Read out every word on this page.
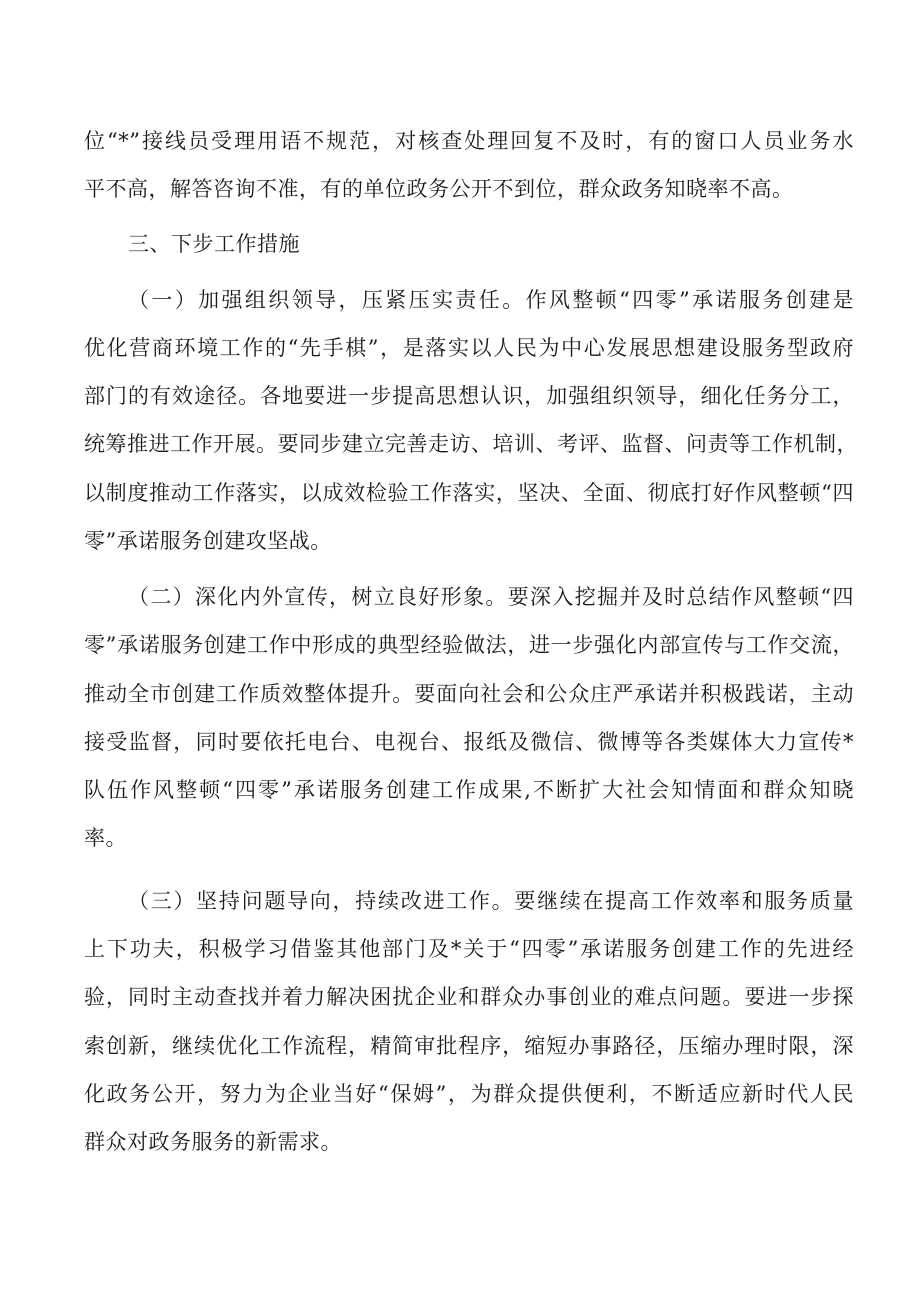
位“*”接线员受理用语不规范，对核查处理回复不及时，有的窗口人员业务水
平不高，解答咨询不准，有的单位政务公开不到位，群众政务知晓率不高。
三、下步工作措施
（一）加强组织领导，压紧压实责任。作风整顿“四零”承诺服务创建是
优化营商环境工作的“先手棋”，是落实以人民为中心发展思想建设服务型政府
部门的有效途径。各地要进一步提高思想认识，加强组织领导，细化任务分工，
统筹推进工作开展。要同步建立完善走访、培训、考评、监督、问责等工作机制，
以制度推动工作落实，以成效检验工作落实，坚决、全面、彻底打好作风整顿“四
零”承诺服务创建攻坚战。
（二）深化内外宣传，树立良好形象。要深入挖掘并及时总结作风整顿“四
零”承诺服务创建工作中形成的典型经验做法，进一步强化内部宣传与工作交流，
推动全市创建工作质效整体提升。要面向社会和公众庄严承诺并积极践诺，主动
接受监督，同时要依托电台、电视台、报纸及微信、微博等各类媒体大力宣传*
队伍作风整顿“四零”承诺服务创建工作成果,不断扩大社会知情面和群众知晓
率。
（三）坚持问题导向，持续改进工作。要继续在提高工作效率和服务质量
上下功夫，积极学习借鉴其他部门及*关于“四零”承诺服务创建工作的先进经
验，同时主动查找并着力解决困扰企业和群众办事创业的难点问题。要进一步探
索创新，继续优化工作流程，精简审批程序，缩短办事路径，压缩办理时限，深
化政务公开，努力为企业当好“保姆”，为群众提供便利，不断适应新时代人民
群众对政务服务的新需求。
